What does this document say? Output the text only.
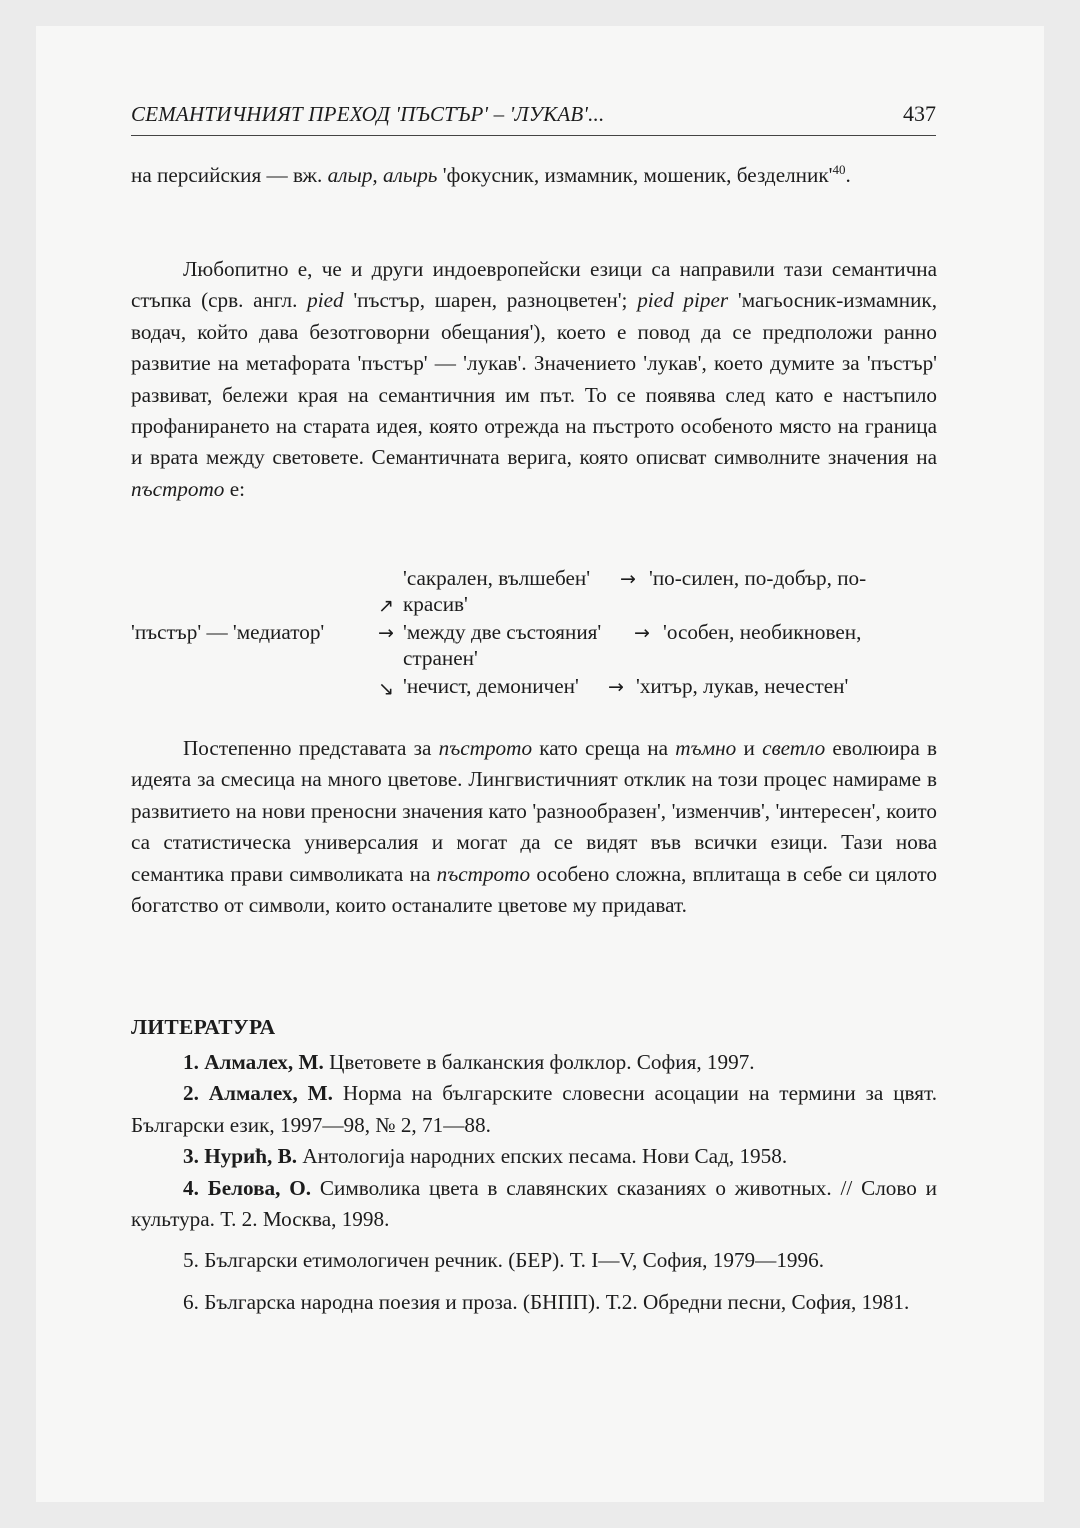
СЕМАНТИЧНИЯТ ПРЕХОД 'ПЪСТЪР' – 'ЛУКАВ'...	437

на персийския — вж. алыр, алырь 'фокусник, измамник, мошеник, $безделник'^{40}$.

Любопитно е, че и други индоевропейски езици са направили тази семантична стъпка (срв. англ. pied 'пъстър, шарен, разноцветен'; pied piper 'магьосник-измамник, водач, който дава безотговорни обещания'), което е повод да се предположи ранно развитие на метафората 'пъстър' — 'лукав'. Значението 'лукав', което думите за 'пъстър' развиват, бележи края на семантичния им път. То се появява след като е настъпило профанирането на старата идея, която отрежда на пъстрото особеното място на граница и врата между световете. Семантичната верига, която описват символните значения на пъстрото е:

'сакрален, вълшебен' → 'по-силен, по-добър, по-
↗ красив'
'пъстър' — 'медиатор'	→ 'между две състояния' → 'особен, необикновен,
странен'
↘ 'нечист, демоничен' → 'хитър, лукав, нечестен'

Постепенно представата за пъстрото като среща на тъмно и светло еволюира в идеята за смесица на много цветове. Лингвистичният отклик на този процес намираме в развитието на нови преносни значения като 'разнообразен', 'изменчив', 'интересен', които са статистическа универсалия и могат да се видят във всички езици. Тази нова семантика прави символиката на пъстрото особено сложна, вплитаща в себе си цялото богатство от символи, които останалите цветове му придават.

ЛИТЕРАТУРА

1. Алмалех, М. Цветовете в балканския фолклор. София, 1997.

2. Алмалех, М. Норма на българските словесни асоцации на термини за цвят. Български език, 1997—98, № 2, 71—88.

3. Нуриħ, В. Антологија народних епских песама. Нови Сад, 1958.

4. Белова, О. Символика цвета в славянских сказаниях о животных. // Слово и культура. Т. 2. Москва, 1998.

5. Български етимологичен речник. (БЕР). Т. I—V, София, 1979—1996.

6. Българска народна поезия и проза. (БНПП). Т.2. Обредни песни, София, 1981.
